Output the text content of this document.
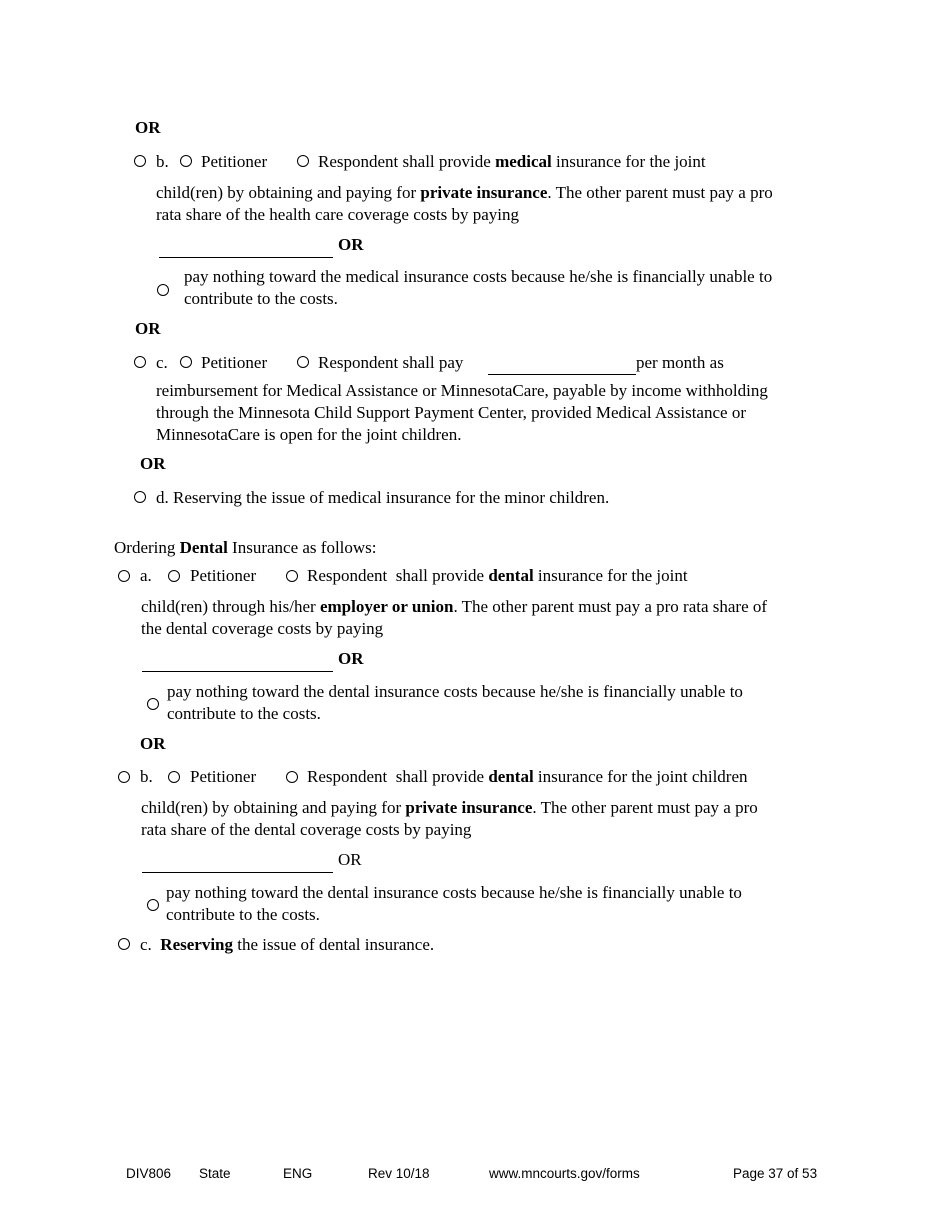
OR
b. Petitioner	Respondent shall provide medical insurance for the joint
child(ren) by obtaining and paying for private insurance. The other parent must pay a pro
rata share of the health care coverage costs by paying
OR
pay nothing toward the medical insurance costs because he/she is financially unable to
contribute to the costs.
OR
c. Petitioner	Respondent shall pay	per month as
reimbursement for Medical Assistance or MinnesotaCare, payable by income withholding
through the Minnesota Child Support Payment Center, provided Medical Assistance or
MinnesotaCare is open for the joint children.
OR
d. Reserving the issue of medical insurance for the minor children.
Ordering Dental Insurance as follows:
a. Petitioner	Respondent shall provide dental insurance for the joint
child(ren) through his/her employer or union. The other parent must pay a pro rata share of
the dental coverage costs by paying
OR
pay nothing toward the dental insurance costs because he/she is financially unable to
contribute to the costs.
OR
b. Petitioner	Respondent shall provide dental insurance for the joint children
child(ren) by obtaining and paying for private insurance. The other parent must pay a pro
rata share of the dental coverage costs by paying
OR
pay nothing toward the dental insurance costs because he/she is financially unable to
contribute to the costs.
c. Reserving the issue of dental insurance.
DIV806 State	ENG	Rev 10/18	www.mncourts.gov/forms	Page 37 of 53
